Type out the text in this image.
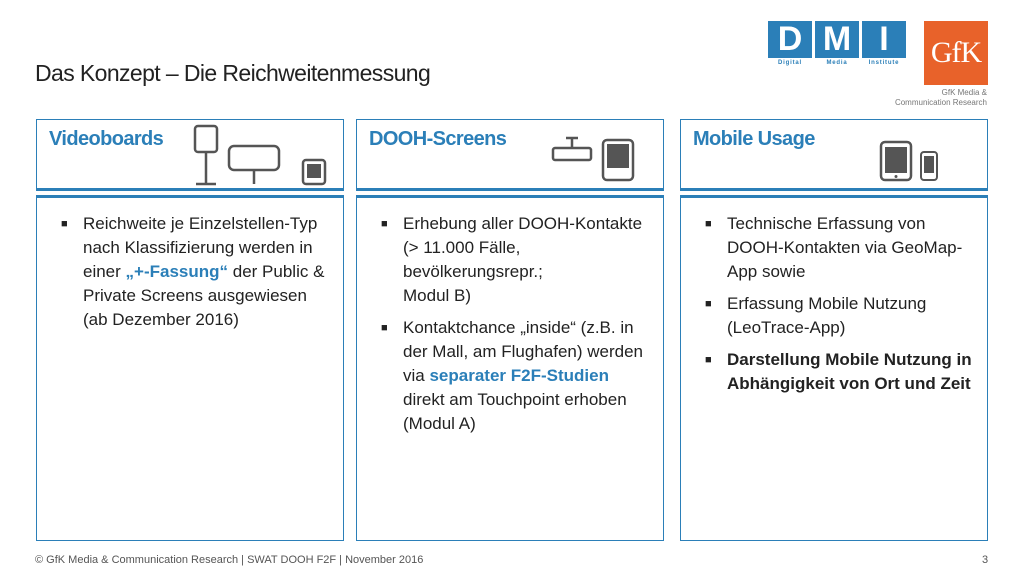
Das Konzept – Die Reichweitenmessung
D M I
Digital	Media	Institute GfK
GfK Media &
Communication Research
Videoboards
■ Reichweite je Einzelstellen-Typ nach Klassifizierung werden in einer „+-Fassung“ der Public & Private Screens ausgewiesen (ab Dezember 2016)
DOOH-Screens
■ Erhebung aller DOOH-Kontakte (> 11.000 Fälle, bevölkerungsrepr.;
Modul B)
■ Kontaktchance „inside“ (z.B. in der Mall, am Flughafen) werden via separater F2F-Studien direkt am Touchpoint erhoben (Modul A)
Mobile Usage
■ Technische Erfassung von DOOH-Kontakten via GeoMap-App sowie
■ Erfassung Mobile Nutzung (LeoTrace-App)
■ Darstellung Mobile Nutzung in Abhängigkeit von Ort und Zeit
© GfK Media & Communication Research | SWAT DOOH F2F | November 2016	3
